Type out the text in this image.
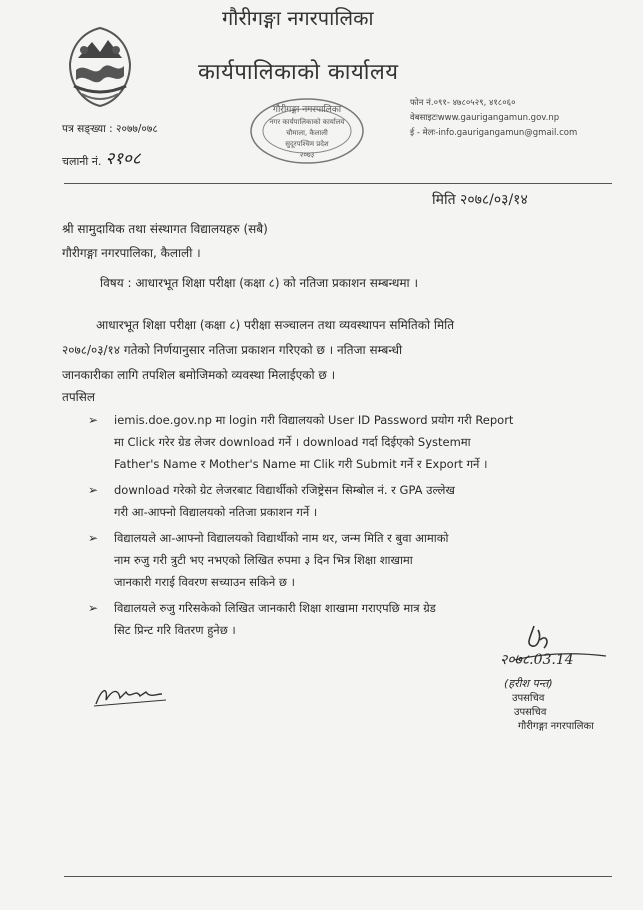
गौरीगङ्गा नगरपालिका
कार्यपालिकाको कार्यालय
गौरीगङ्गा नगरपालिका
नगर कार्यपालिकाको कार्यालय
चौमाला, कैलाली
सुदूरपश्चिम प्रदेश
२०७३
फोन नं.०९१- ४७८०५२९, ४१८०६०
वेबसाइटःwww.gaurigangamun.gov.np
ई - मेलः-info.gaurigangamun@gmail.com
पत्र सङ्ख्या : २०७७/०७८
चलानी नं. २१०८
मिति २०७८/०३/१४
श्री सामुदायिक तथा संस्थागत विद्यालयहरु (सबै)
गौरीगङ्गा नगरपालिका, कैलाली ।
विषय : आधारभूत शिक्षा परीक्षा (कक्षा ८) को नतिजा प्रकाशन सम्बन्धमा ।
आधारभूत शिक्षा परीक्षा (कक्षा ८) परीक्षा सञ्चालन तथा व्यवस्थापन समितिको मिति
२०७८/०३/१४ गतेको निर्णयानुसार नतिजा प्रकाशन गरिएको छ । नतिजा सम्बन्धी
जानकारीका लागि तपशिल बमोजिमको व्यवस्था मिलाईएको छ ।
तपसिल
➢	iemis.doe.gov.np मा login गरी विद्यालयको User ID Password प्रयोग गरी Report
मा Click गरेर ग्रेड लेजर download गर्ने । download गर्दा दिईएको Systemमा
Father's Name र Mother's Name मा Clik गरी Submit गर्ने र Export गर्ने ।
➢	download गरेको ग्रेट लेजरबाट विद्यार्थीको रजिष्ट्रेसन सिम्बोल नं. र GPA उल्लेख
गरी आ-आफ्नो विद्यालयको नतिजा प्रकाशन गर्ने ।
➢	विद्यालयले आ-आफ्नो विद्यालयको विद्यार्थीको नाम थर, जन्म मिति र बुवा आमाको
नाम रुजु गरी त्रुटी भए नभएको लिखित रुपमा ३ दिन भित्र शिक्षा शाखामा
जानकारी गराई विवरण सच्याउन सकिने छ ।
➢	विद्यालयले रुजु गरिसकेको लिखित जानकारी शिक्षा शाखामा गराएपछि मात्र ग्रेड
सिट प्रिन्ट गरि वितरण हुनेछ ।
२०७८.03.14
(हरीश पन्त)
उपसचिव
उपसचिव
गौरीगङ्गा नगरपालिका
